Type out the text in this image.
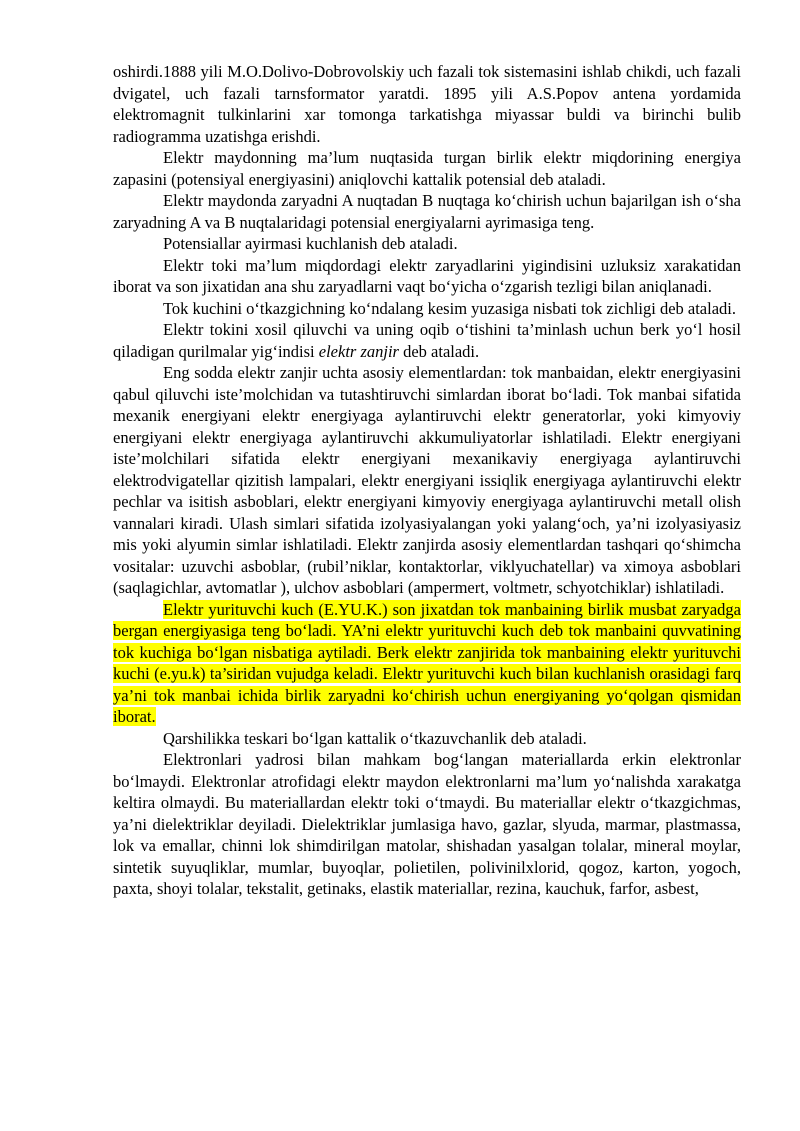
oshirdi.1888 yili M.O.Dolivo-Dobrovolskiy uch fazali tok sistemasini ishlab chikdi, uch fazali dvigatel, uch fazali tarnsformator yaratdi. 1895 yili A.S.Popov antena yordamida elektromagnit tulkinlarini xar tomonga tarkatishga miyassar buldi va birinchi bulib radiogramma uzatishga erishdi.

Elektr maydonning ma’lum nuqtasida turgan birlik elektr miqdorining energiya zapasini (potensiyal energiyasini) aniqlovchi kattalik potensial deb ataladi.

Elektr maydonda zaryadni A nuqtadan B nuqtaga ko‘chirish uchun bajarilgan ish o‘sha zaryadning A va B nuqtalaridagi potensial energiyalarni ayrimasiga teng.

Potensiallar ayirmasi kuchlanish deb ataladi.

Elektr toki ma’lum miqdordagi elektr zaryadlarini yigindisini uzluksiz xarakatidan iborat va son jixatidan ana shu zaryadlarni vaqt bo‘yicha o‘zgarish tezligi bilan aniqlanadi.

Tok kuchini o‘tkazgichning ko‘ndalang kesim yuzasiga nisbati tok zichligi deb ataladi.

Elektr tokini xosil qiluvchi va uning oqib o‘tishini ta’minlash uchun berk yo‘l hosil qiladigan qurilmalar yig‘indisi elektr zanjir deb ataladi.

Eng sodda elektr zanjir uchta asosiy elementlardan: tok manbaidan, elektr energiyasini qabul qiluvchi iste’molchidan va tutashtiruvchi simlardan iborat bo‘ladi. Tok manbai sifatida mexanik energiyani elektr energiyaga aylantiruvchi elektr generatorlar, yoki kimyoviy energiyani elektr energiyaga aylantiruvchi akkumuliyatorlar ishlatiladi. Elektr energiyani iste’molchilari sifatida elektr energiyani mexanikaviy energiyaga aylantiruvchi elektrodvigatellar qizitish lampalari, elektr energiyani issiqlik energiyaga aylantiruvchi elektr pechlar va isitish asboblari, elektr energiyani kimyoviy energiyaga aylantiruvchi metall olish vannalari kiradi. Ulash simlari sifatida izolyasiyalangan yoki yalang‘och, ya’ni izolyasiyasiz mis yoki alyumin simlar ishlatiladi. Elektr zanjirda asosiy elementlardan tashqari qo‘shimcha vositalar: uzuvchi asboblar, (rubil’niklar, kontaktorlar, viklyuchatellar) va ximoya asboblari (saqlagichlar, avtomatlar ), ulchov asboblari (ampermert, voltmetr, schyotchiklar) ishlatiladi.

Elektr yurituvchi kuch (E.YU.K.) son jixatdan tok manbaining birlik musbat zaryadga bergan energiyasiga teng bo‘ladi. YA’ni elektr yurituvchi kuch deb tok manbaini quvvatining tok kuchiga bo‘lgan nisbatiga aytiladi. Berk elektr zanjirida tok manbaining elektr yurituvchi kuchi (e.yu.k) ta’siridan vujudga keladi. Elektr yurituvchi kuch bilan kuchlanish orasidagi farq ya’ni tok manbai ichida birlik zaryadni ko‘chirish uchun energiyaning yo‘qolgan qismidan iborat.

Qarshilikka teskari bo‘lgan kattalik o‘tkazuvchanlik deb ataladi.

Elektronlari yadrosi bilan mahkam bog‘langan materiallarda erkin elektronlar bo‘lmaydi. Elektronlar atrofidagi elektr maydon elektronlarni ma’lum yo‘nalishda xarakatga keltira olmaydi. Bu materiallardan elektr toki o‘tmaydi. Bu materiallar elektr o‘tkazgichmas, ya’ni dielektriklar deyiladi. Dielektriklar jumlasiga havo, gazlar, slyuda, marmar, plastmassa, lok va emallar, chinni lok shimdirilgan matolar, shishadan yasalgan tolalar, mineral moylar, sintetik suyuqliklar, mumlar, buyoqlar, polietilen, polivinilxlorid, qogoz, karton, yogoch, paxta, shoyi tolalar, tekstalit, getinaks, elastik materiallar, rezina, kauchuk, farfor, asbest,
